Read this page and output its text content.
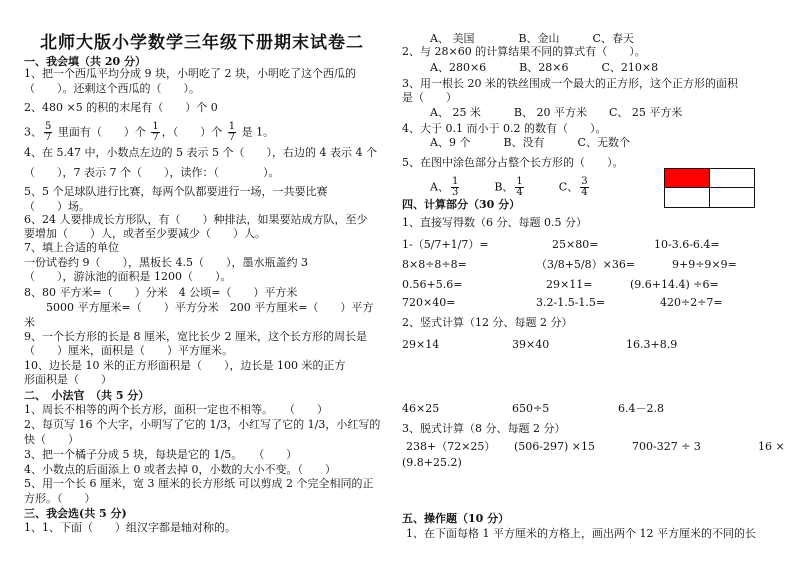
北师大版小学数学三年级下册期末试卷二
一、我会填（共 20 分）
1、把一个西瓜平均分成 9 块，小明吃了 2 块，小明吃了这个西瓜的
（　　）。还剩这个西瓜的（　　）。
2、480 ×5 的积的末尾有（　　）个 0
3、 $\frac{5}{7}$ 里面有（　　）个 $\frac{1}{7}$ ，（　　）个 $\frac{1}{7}$ 是 1。
4、在 5.47 中，小数点左边的 5 表示 5 个（　　），右边的 4 表示 4 个
（　　），7 表示 7 个（　　），读作：（　　　　）。
5、5 个足球队进行比赛，每两个队都要进行一场，一共要比赛
（　　）场。
6、24 人要排成长方形队，有（　　）种排法，如果要站成方队，至少
要增加（　　）人，或者至少要减少（　　）人。
7、填上合适的单位
一份试卷约 9（　　），黑板长 4.5（　　），墨水瓶盖约 3
（　　），游泳池的面积是 1200（　　）。
8、80 平方米=（　　）分米　4 公顷=（　　）平方米
　　5000 平方厘米=（　　）平方分米　200 平方厘米=（　　）平方
米
9、一个长方形的长是 8 厘米，宽比长少 2 厘米，这个长方形的周长是
（　　）厘米，面积是（　　）平方厘米。
10、边长是 10 米的正方形面积是（　　），边长是 100 米的正方
形面积是（　　）
二、　小法官　（共 5 分）
1、周长不相等的两个长方形，面积一定也不相等。　　（　　）
2、每页写 16 个大字，小明写了它的 1/3，小红写了它的 1/3，小红写的
快（　　）
3、把一个橘子分成 5 块，每块是它的 1/5。　　（　　）
4、小数点的后面添上 0 或者去掉 0，小数的大小不变。（　　）
5、用一个长 6 厘米，宽 3 厘米的长方形纸 可以剪成 2 个完全相同的正
方形。（　　）
三、我会选(共 5 分)
1、1、下面（　　）组汉字都是轴对称的。
A、 美国　　　　B、金山　　　C、春天
2、与 28×60 的计算结果不同的算式有（　　）。
A、280×6　　　B、28×6　　　C、210×8
3、用一根长 20 米的铁丝围成一个最大的正方形，这个正方形的面积
是（　　）
A、 25 米　　　B、 20 平方米　　C、 25 平方米
4、大于 0.1 而小于 0.2 的数有（　　）。
A、9 个　　　B、没有　　　C、无数个
5、在图中涂色部分占整个长方形的（　　）。
A、 $\frac{1}{3}$	B、 $\frac{1}{4}$	C、 $\frac{3}{4}$
四、计算部分（30 分）
1、直接写得数（6 分、每题 0.5 分）
1-（5/7+1/7）=	25×80=	10-3.6-6.4=
8×8÷8÷8=	（3/8+5/8）×36=	9+9÷9×9=
0.56+5.6=	29×11=	(9.6+14.4) ÷6=
720×40=	3.2-1.5-1.5=	420÷2÷7=
2、竖式计算（12 分、每题 2 分）
29×14	39×40	16.3+8.9
46×25	650÷5	6.4－2.8
3、脱式计算（8 分、每题 2 分）
238+（72×25） (506-297) ×15	700-327 ÷ 3	16 ×
(9.8+25.2)
五、操作题（10 分）
1、在下面每格 1 平方厘米的方格上，画出两个 12 平方厘米的不同的长
